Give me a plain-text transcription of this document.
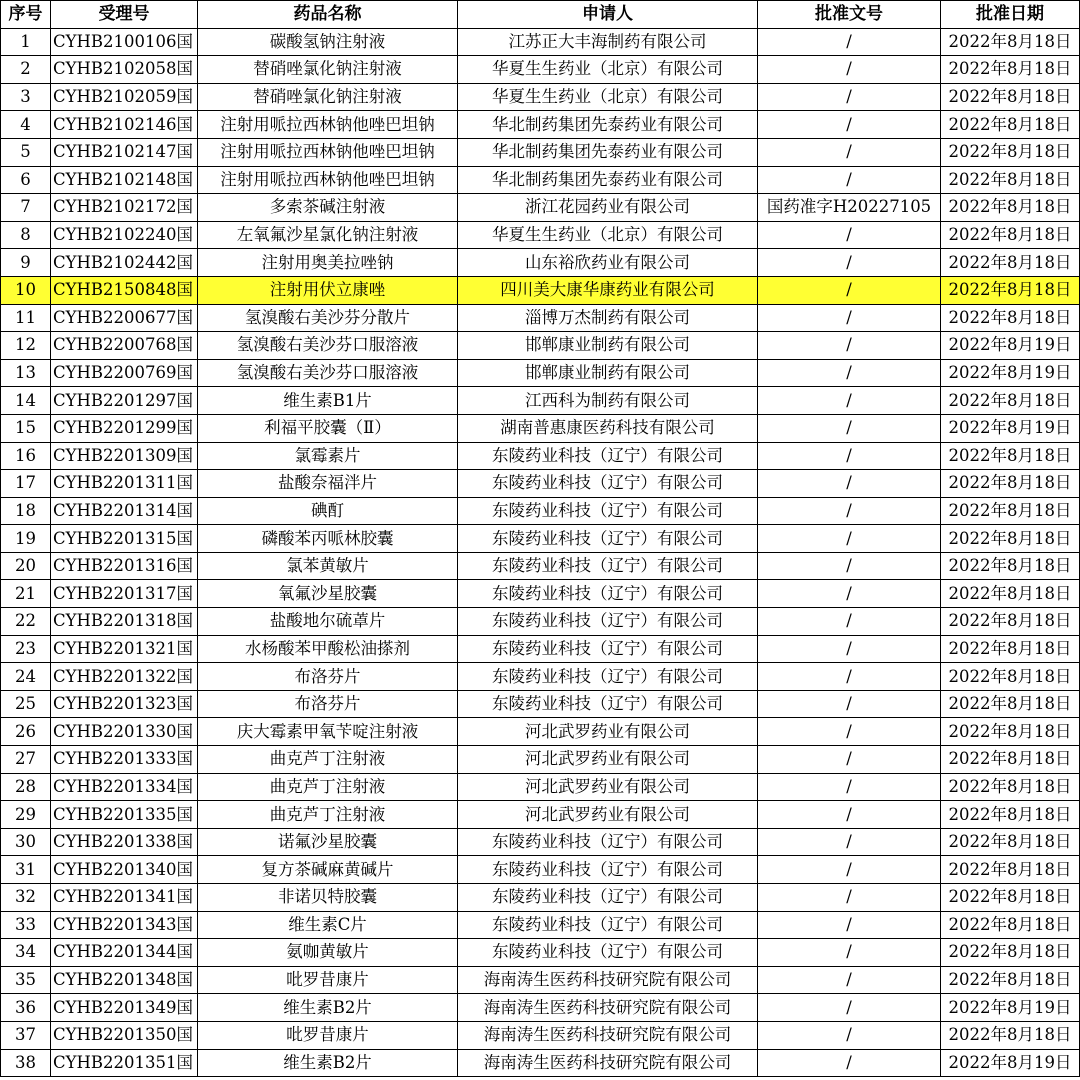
序号	受理号	药品名称	申请人	批准文号	批准日期
1	CYHB2100106国	碳酸氢钠注射液	江苏正大丰海制药有限公司	/	2022年8月18日
2	CYHB2102058国	替硝唑氯化钠注射液	华夏生生药业（北京）有限公司	/	2022年8月18日
3	CYHB2102059国	替硝唑氯化钠注射液	华夏生生药业（北京）有限公司	/	2022年8月18日
4	CYHB2102146国	注射用哌拉西林钠他唑巴坦钠	华北制药集团先泰药业有限公司	/	2022年8月18日
5	CYHB2102147国	注射用哌拉西林钠他唑巴坦钠	华北制药集团先泰药业有限公司	/	2022年8月18日
6	CYHB2102148国	注射用哌拉西林钠他唑巴坦钠	华北制药集团先泰药业有限公司	/	2022年8月18日
7	CYHB2102172国	多索茶碱注射液	浙江花园药业有限公司	国药准字H20227105	2022年8月18日
8	CYHB2102240国	左氧氟沙星氯化钠注射液	华夏生生药业（北京）有限公司	/	2022年8月18日
9	CYHB2102442国	注射用奥美拉唑钠	山东裕欣药业有限公司	/	2022年8月18日
10	CYHB2150848国	注射用伏立康唑	四川美大康华康药业有限公司	/	2022年8月18日
11	CYHB2200677国	氢溴酸右美沙芬分散片	淄博万杰制药有限公司	/	2022年8月18日
12	CYHB2200768国	氢溴酸右美沙芬口服溶液	邯郸康业制药有限公司	/	2022年8月19日
13	CYHB2200769国	氢溴酸右美沙芬口服溶液	邯郸康业制药有限公司	/	2022年8月19日
14	CYHB2201297国	维生素B1片	江西科为制药有限公司	/	2022年8月18日
15	CYHB2201299国	利福平胶囊（Ⅱ）	湖南普惠康医药科技有限公司	/	2022年8月19日
16	CYHB2201309国	氯霉素片	东陵药业科技（辽宁）有限公司	/	2022年8月18日
17	CYHB2201311国	盐酸奈福泮片	东陵药业科技（辽宁）有限公司	/	2022年8月18日
18	CYHB2201314国	碘酊	东陵药业科技（辽宁）有限公司	/	2022年8月18日
19	CYHB2201315国	磷酸苯丙哌林胶囊	东陵药业科技（辽宁）有限公司	/	2022年8月18日
20	CYHB2201316国	氯苯黄敏片	东陵药业科技（辽宁）有限公司	/	2022年8月18日
21	CYHB2201317国	氧氟沙星胶囊	东陵药业科技（辽宁）有限公司	/	2022年8月18日
22	CYHB2201318国	盐酸地尔硫䓬片	东陵药业科技（辽宁）有限公司	/	2022年8月18日
23	CYHB2201321国	水杨酸苯甲酸松油搽剂	东陵药业科技（辽宁）有限公司	/	2022年8月18日
24	CYHB2201322国	布洛芬片	东陵药业科技（辽宁）有限公司	/	2022年8月18日
25	CYHB2201323国	布洛芬片	东陵药业科技（辽宁）有限公司	/	2022年8月18日
26	CYHB2201330国	庆大霉素甲氧苄啶注射液	河北武罗药业有限公司	/	2022年8月18日
27	CYHB2201333国	曲克芦丁注射液	河北武罗药业有限公司	/	2022年8月18日
28	CYHB2201334国	曲克芦丁注射液	河北武罗药业有限公司	/	2022年8月18日
29	CYHB2201335国	曲克芦丁注射液	河北武罗药业有限公司	/	2022年8月18日
30	CYHB2201338国	诺氟沙星胶囊	东陵药业科技（辽宁）有限公司	/	2022年8月18日
31	CYHB2201340国	复方茶碱麻黄碱片	东陵药业科技（辽宁）有限公司	/	2022年8月18日
32	CYHB2201341国	非诺贝特胶囊	东陵药业科技（辽宁）有限公司	/	2022年8月18日
33	CYHB2201343国	维生素C片	东陵药业科技（辽宁）有限公司	/	2022年8月18日
34	CYHB2201344国	氨咖黄敏片	东陵药业科技（辽宁）有限公司	/	2022年8月18日
35	CYHB2201348国	吡罗昔康片	海南涛生医药科技研究院有限公司	/	2022年8月18日
36	CYHB2201349国	维生素B2片	海南涛生医药科技研究院有限公司	/	2022年8月19日
37	CYHB2201350国	吡罗昔康片	海南涛生医药科技研究院有限公司	/	2022年8月18日
38	CYHB2201351国	维生素B2片	海南涛生医药科技研究院有限公司	/	2022年8月19日
